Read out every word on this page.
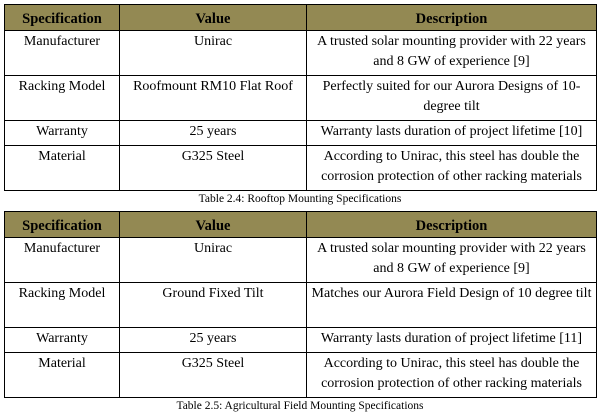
Specification	Value	Description
Manufacturer	Unirac	A trusted solar mounting provider with 22 years and 8 GW of experience [9]
Racking Model	Roofmount RM10 Flat Roof	Perfectly suited for our Aurora Designs of 10-degree tilt
Warranty	25 years	Warranty lasts duration of project lifetime [10]
Material	G325 Steel	According to Unirac, this steel has double the corrosion protection of other racking materials
Table 2.4: Rooftop Mounting Specifications
Specification	Value	Description
Manufacturer	Unirac	A trusted solar mounting provider with 22 years and 8 GW of experience [9]
Racking Model	Ground Fixed Tilt	Matches our Aurora Field Design of 10 degree tilt
Warranty	25 years	Warranty lasts duration of project lifetime [11]
Material	G325 Steel	According to Unirac, this steel has double the corrosion protection of other racking materials
Table 2.5: Agricultural Field Mounting Specifications
